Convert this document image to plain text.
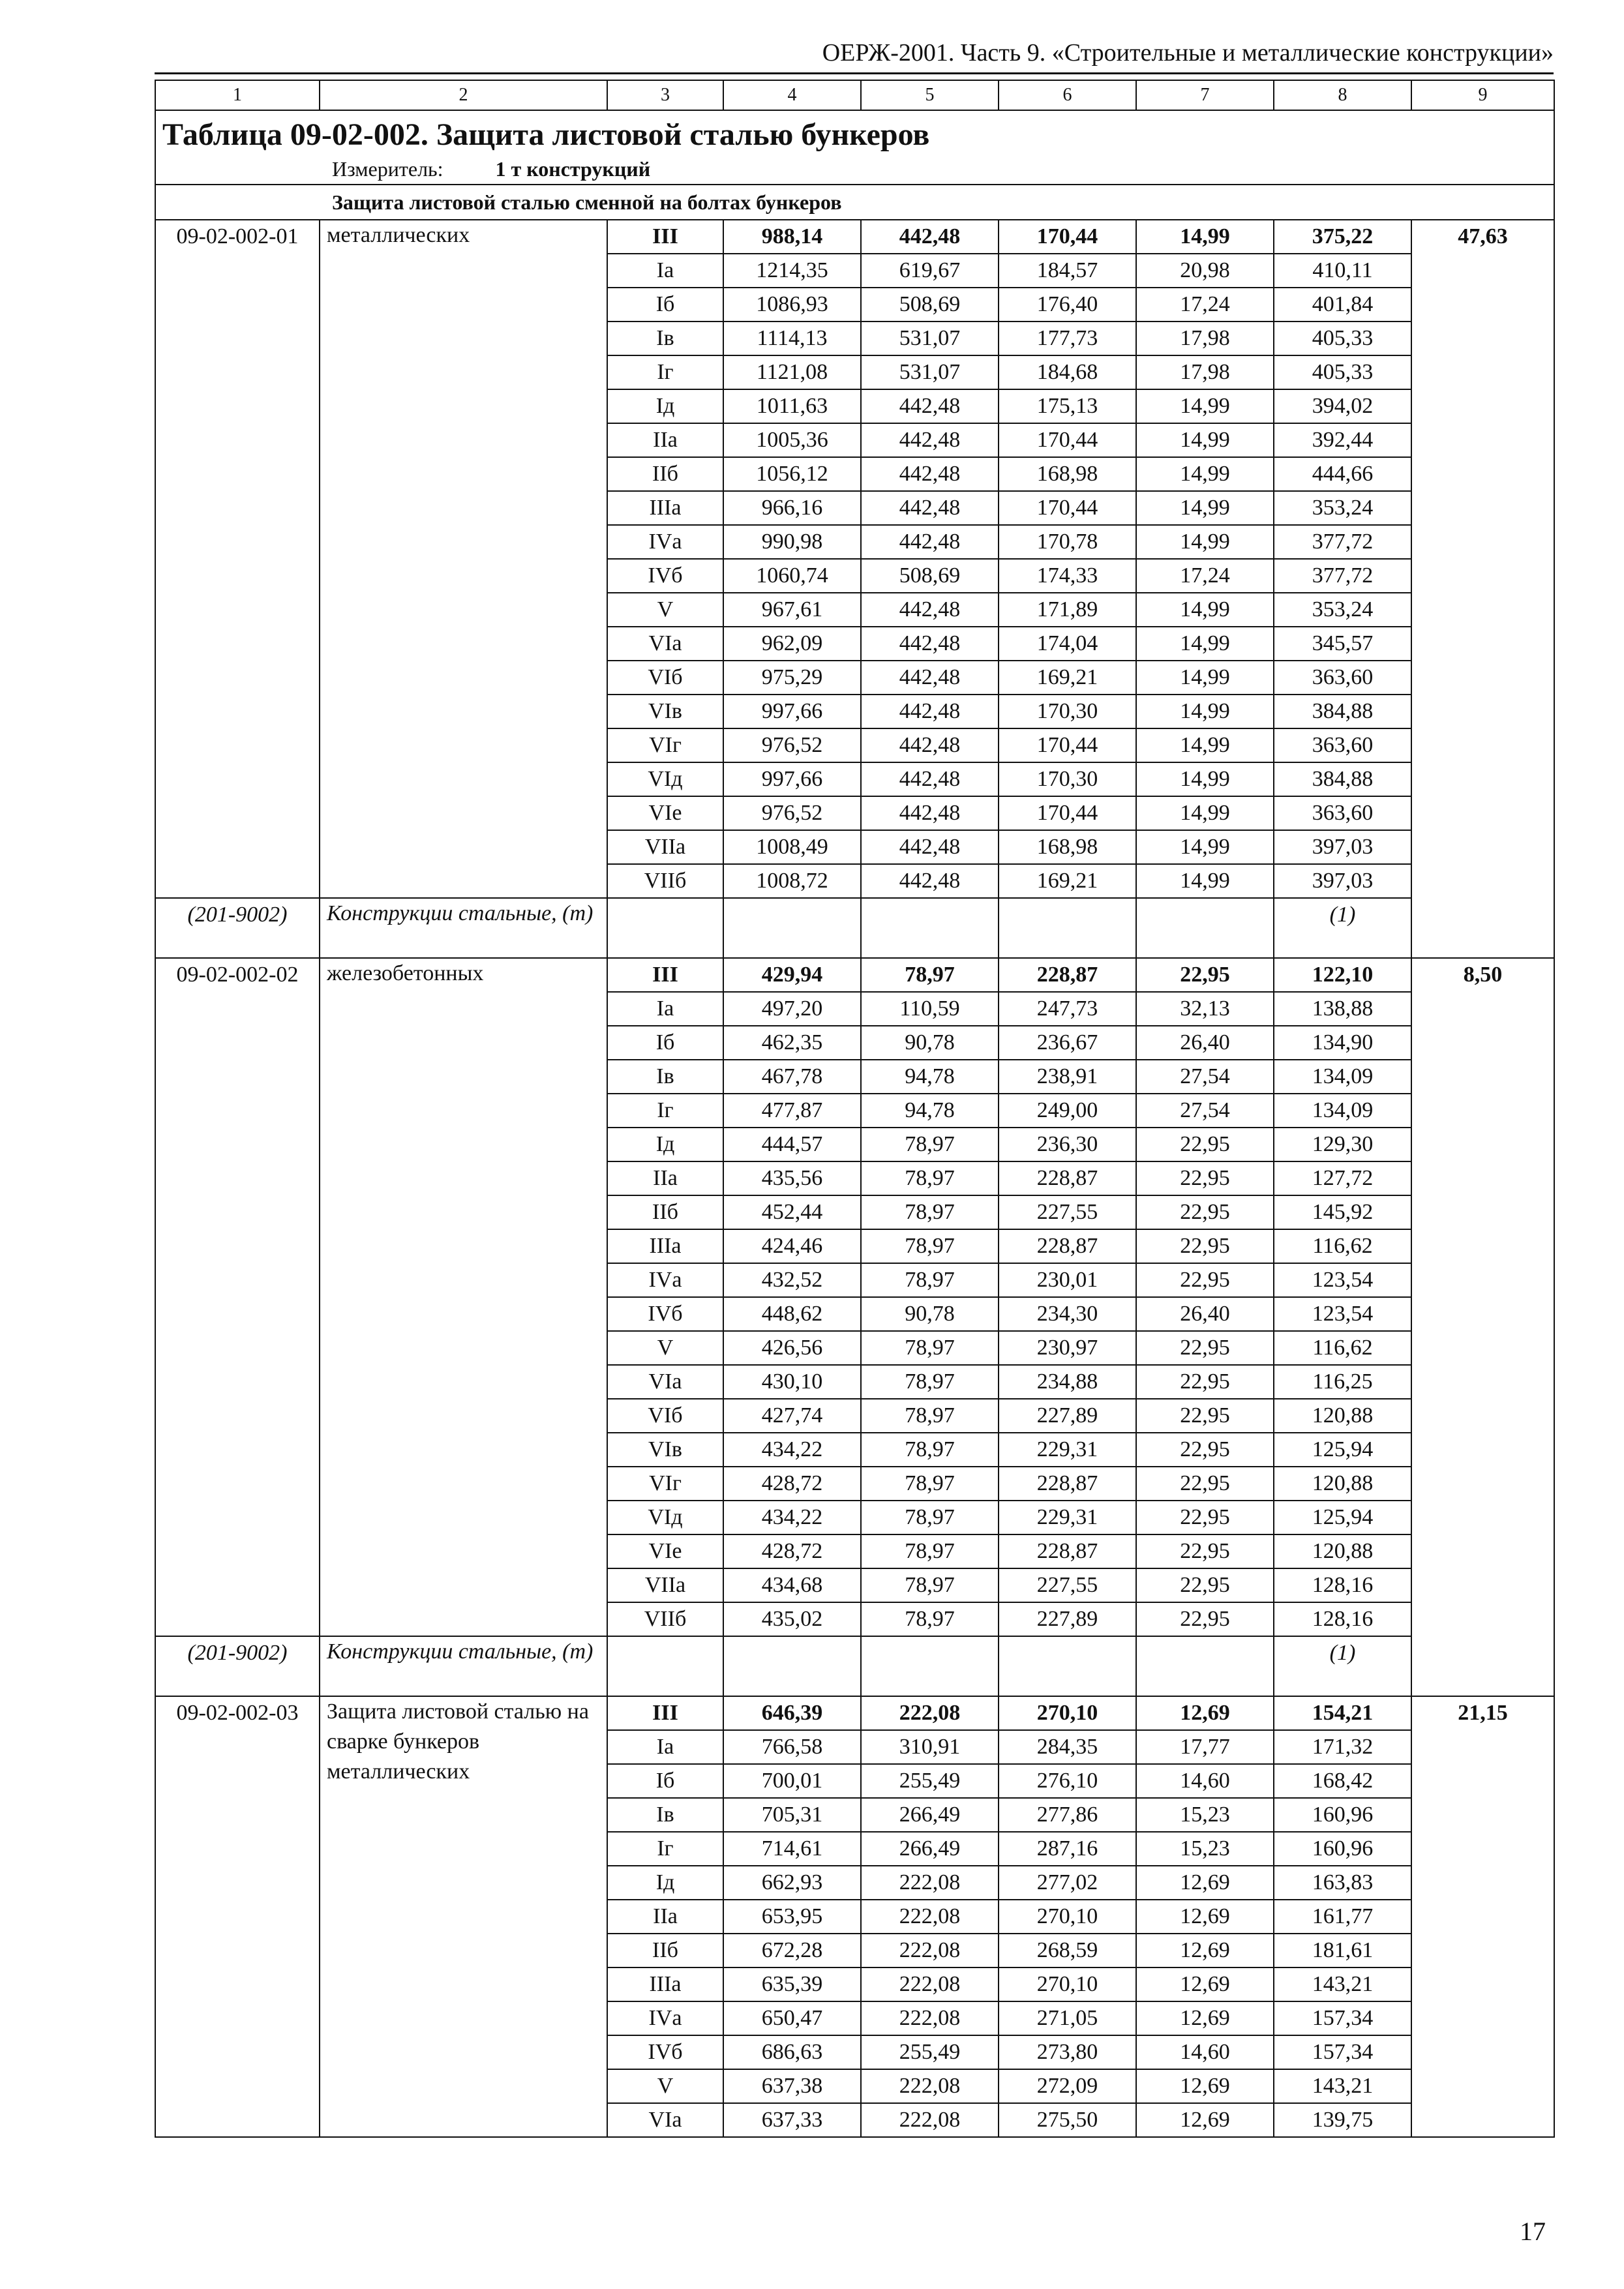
ОЕРЖ-2001. Часть 9. «Строительные и металлические конструкции»
1	2	3	4	5	6	7	8	9
Таблица 09-02-002. Защита листовой сталью бункеров								
Измеритель: 1 т конструкций								
Защита листовой сталью сменной на болтах бункеров								
09-02-002-01	металлических	III	988,14	442,48	170,44	14,99	375,22	47,63
		Iа	1214,35	619,67	184,57	20,98	410,11	
		Iб	1086,93	508,69	176,40	17,24	401,84	
		Iв	1114,13	531,07	177,73	17,98	405,33	
		Iг	1121,08	531,07	184,68	17,98	405,33	
		Iд	1011,63	442,48	175,13	14,99	394,02	
		IIа	1005,36	442,48	170,44	14,99	392,44	
		IIб	1056,12	442,48	168,98	14,99	444,66	
		IIIа	966,16	442,48	170,44	14,99	353,24	
		IVа	990,98	442,48	170,78	14,99	377,72	
		IVб	1060,74	508,69	174,33	17,24	377,72	
		V	967,61	442,48	171,89	14,99	353,24	
		VIа	962,09	442,48	174,04	14,99	345,57	
		VIб	975,29	442,48	169,21	14,99	363,60	
		VIв	997,66	442,48	170,30	14,99	384,88	
		VIг	976,52	442,48	170,44	14,99	363,60	
		VIд	997,66	442,48	170,30	14,99	384,88	
		VIе	976,52	442,48	170,44	14,99	363,60	
		VIIа	1008,49	442,48	168,98	14,99	397,03	
		VIIб	1008,72	442,48	169,21	14,99	397,03	
(201-9002)	Конструкции стальные, (т)						(1)	
09-02-002-02	железобетонных	III	429,94	78,97	228,87	22,95	122,10	8,50
		Iа	497,20	110,59	247,73	32,13	138,88	
		Iб	462,35	90,78	236,67	26,40	134,90	
		Iв	467,78	94,78	238,91	27,54	134,09	
		Iг	477,87	94,78	249,00	27,54	134,09	
		Iд	444,57	78,97	236,30	22,95	129,30	
		IIа	435,56	78,97	228,87	22,95	127,72	
		IIб	452,44	78,97	227,55	22,95	145,92	
		IIIа	424,46	78,97	228,87	22,95	116,62	
		IVа	432,52	78,97	230,01	22,95	123,54	
		IVб	448,62	90,78	234,30	26,40	123,54	
		V	426,56	78,97	230,97	22,95	116,62	
		VIа	430,10	78,97	234,88	22,95	116,25	
		VIб	427,74	78,97	227,89	22,95	120,88	
		VIв	434,22	78,97	229,31	22,95	125,94	
		VIг	428,72	78,97	228,87	22,95	120,88	
		VIд	434,22	78,97	229,31	22,95	125,94	
		VIе	428,72	78,97	228,87	22,95	120,88	
		VIIа	434,68	78,97	227,55	22,95	128,16	
		VIIб	435,02	78,97	227,89	22,95	128,16	
(201-9002)	Конструкции стальные, (т)						(1)	
09-02-002-03	Защита листовой сталью на сварке бункеров металлических	III	646,39	222,08	270,10	12,69	154,21	21,15
		Iа	766,58	310,91	284,35	17,77	171,32	
		Iб	700,01	255,49	276,10	14,60	168,42	
		Iв	705,31	266,49	277,86	15,23	160,96	
		Iг	714,61	266,49	287,16	15,23	160,96	
		Iд	662,93	222,08	277,02	12,69	163,83	
		IIа	653,95	222,08	270,10	12,69	161,77	
		IIб	672,28	222,08	268,59	12,69	181,61	
		IIIа	635,39	222,08	270,10	12,69	143,21	
		IVа	650,47	222,08	271,05	12,69	157,34	
		IVб	686,63	255,49	273,80	14,60	157,34	
		V	637,38	222,08	272,09	12,69	143,21	
		VIа	637,33	222,08	275,50	12,69	139,75	
17
